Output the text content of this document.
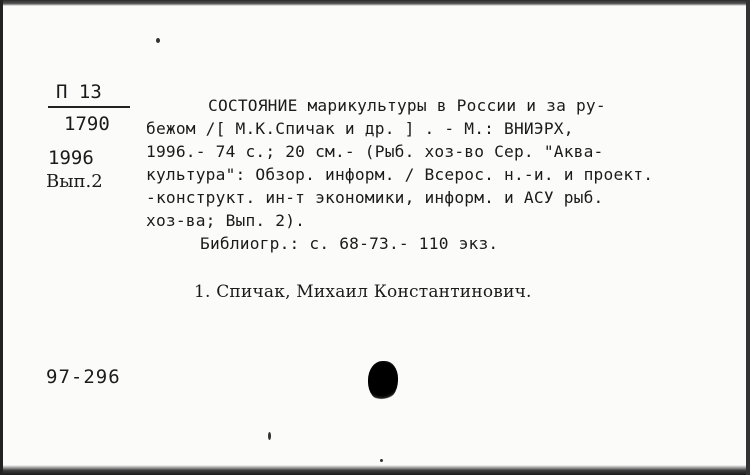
П 13
1790
1996
Вып.2
СОСТОЯНИЕ марикультуры в России и за ру-
бежом /[ М.К.Спичак и др. ] . - М.: ВНИЭРХ,
1996.- 74 с.; 20 см.- (Рыб. хоз-во Сер. "Аква-
культура": Обзор. информ. / Всерос. н.-и. и проект.
-конструкт. ин-т экономики, информ. и АСУ рыб.
хоз-ва; Вып. 2).
Библиогр.: с. 68-73.- 110 экз.
1. Спичак, Михаил Константинович.
97-296
